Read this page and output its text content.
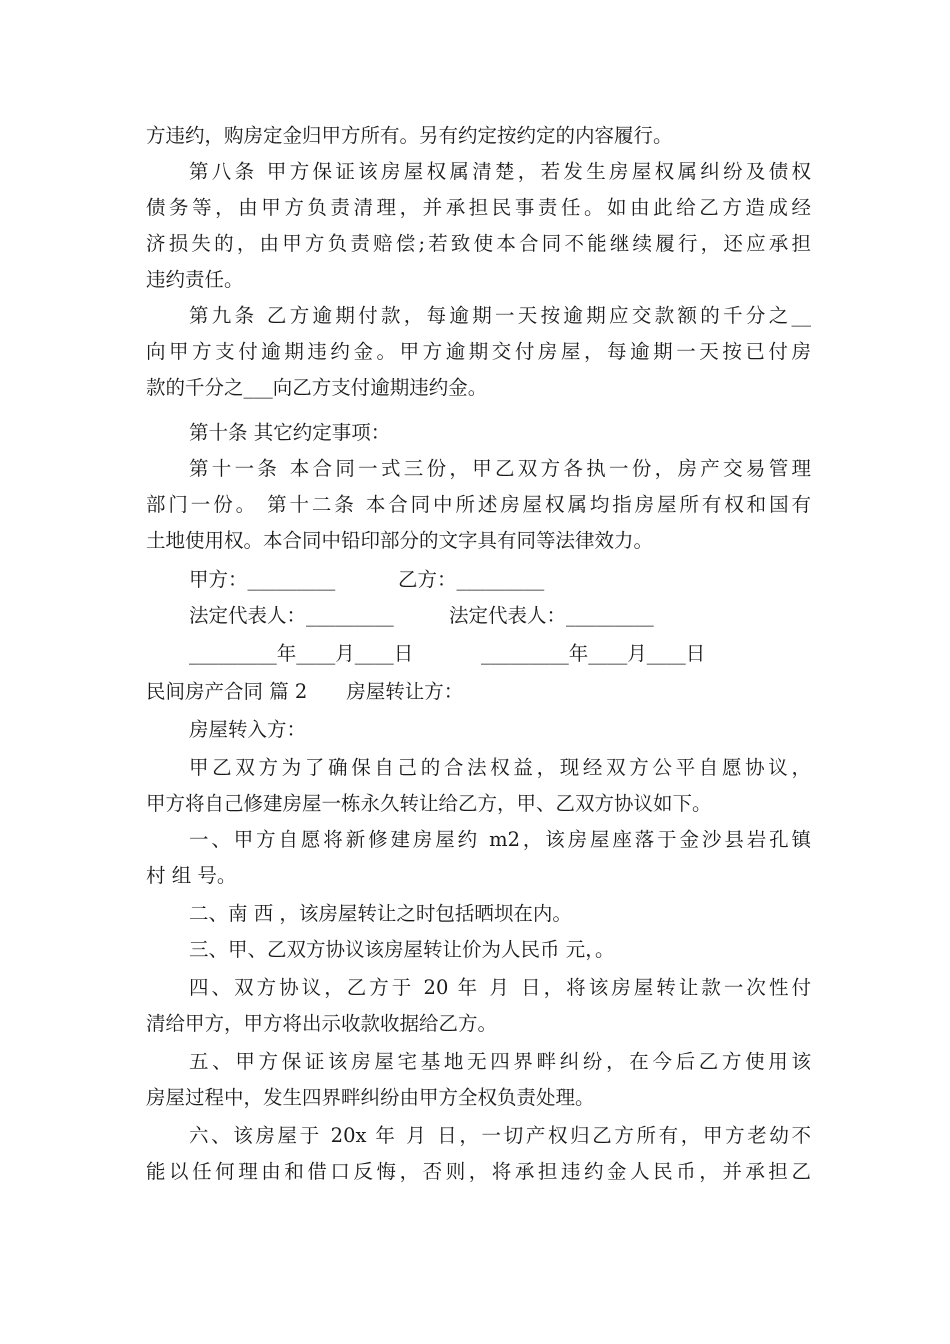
方违约，购房定金归甲方所有。另有约定按约定的内容履行。
第八条 甲方保证该房屋权属清楚，若发生房屋权属纠纷及债权
债务等，由甲方负责清理，并承担民事责任。如由此给乙方造成经
济损失的，由甲方负责赔偿;若致使本合同不能继续履行，还应承担
违约责任。
第九条 乙方逾期付款，每逾期一天按逾期应交款额的千分之__
向甲方支付逾期违约金。甲方逾期交付房屋，每逾期一天按已付房
款的千分之___向乙方支付逾期违约金。
第十条 其它约定事项：
第十一条 本合同一式三份，甲乙双方各执一份，房产交易管理
部门一份。 第十二条 本合同中所述房屋权属均指房屋所有权和国有
土地使用权。本合同中铅印部分的文字具有同等法律效力。
甲方：_________	乙方：_________
法定代表人：_________	法定代表人：_________
_________年____月____日	_________年____月____日
民间房产合同 篇 2　　房屋转让方：
房屋转入方：
甲乙双方为了确保自己的合法权益，现经双方公平自愿协议，
甲方将自己修建房屋一栋永久转让给乙方，甲、乙双方协议如下。
一、甲方自愿将新修建房屋约 m2，该房屋座落于金沙县岩孔镇
村 组 号。
二、南 西 ，该房屋转让之时包括晒坝在内。
三、甲、乙双方协议该房屋转让价为人民币 元，。
四、双方协议，乙方于 20 年 月 日，将该房屋转让款一次性付
清给甲方，甲方将出示收款收据给乙方。
五、甲方保证该房屋宅基地无四界畔纠纷，在今后乙方使用该
房屋过程中，发生四界畔纠纷由甲方全权负责处理。
六、该房屋于 20x 年 月 日，一切产权归乙方所有，甲方老幼不
能以任何理由和借口反悔，否则，将承担违约金人民币，并承担乙
